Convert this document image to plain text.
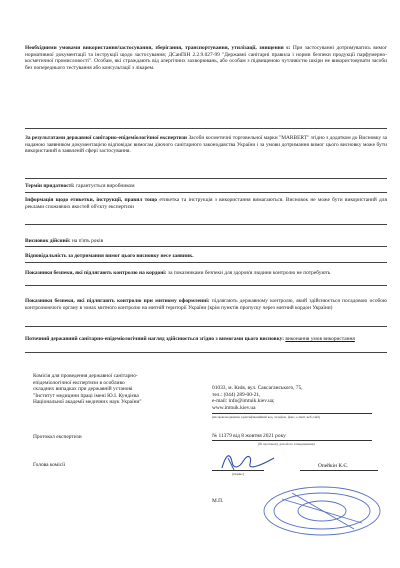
Необхідними умовами використання/застосування, зберігання, транспортування, утилізації, знищення є: При застосуванні дотримуватись вимог нормативної документації та інструкції щодо застосування; ДСанПіН 2.2.9.027-99 "Державні санітарні правила і норми безпеки продукції парфумерно-косметичної промисловості". Особам, які страждають від алергічних захворювань, або особам з підвищеною чутливістю шкіри не використовувати засоби без попереднього тестування або консультації з лікарем.
За результатами державної санітарно-епідеміологічної експертизи Засоби косметичні торговельної марки "MARBERT" згідно з додатком до Висновку за наданою заявником документацією відповідає вимогам діючого санітарного законодавства України і за умови дотримання вимог цього висновку може бути використаний в заявленій сфері застосування.
Термін придатності: гарантується виробником
Інформація щодо етикетки, інструкції, правил тощо етикетка та інструкція з використання вимагаються. Висновок не може бути використаний для реклами споживчих якостей об'єкту експертизи
Висновок дійсний: на п'ять років
Відповідальність за дотримання вимог цього висновку несе заявник.
Показники безпеки, які підлягають контролю на кордоні: за показниками безпеки для здоров'я людини контролю не потребують
Показники безпеки, які підлягають контролю при митному оформленні: підлягають державному контролю, який здійснюється посадовою особою контролюючого органу в зонах митного контролю на митній території України (крім пунктів пропуску через митний кордон України)
Поточний державний санітарно-епідеміологічний нагляд здійснюється згідно з вимогами цього висновку: виконання умов використання
Комісія для проведення державної санітарно-
епідеміологічної експертизи в особливо
складних випадках при державній установі
"Інститут медицини праці імені Ю.І. Кундієва
Національної академії медичних наук України"
01033, м. Київ, вул. Саксаганського, 75,
тел.: (044) 289-00-21,
e-mail: info@imtuik.kiev.ua;
www.imtuik.kiev.ua
(місцезнаходження, ідентифікаційний код, телефон, факс, e-mail, веб-сайт)
Протокол експертизи	№ 11379 від 8 жовтня 2021 року
(№ протоколу, дата його затвердження)
Голова комісії
(підпис)
Опейкін К.Є.
М.П.
